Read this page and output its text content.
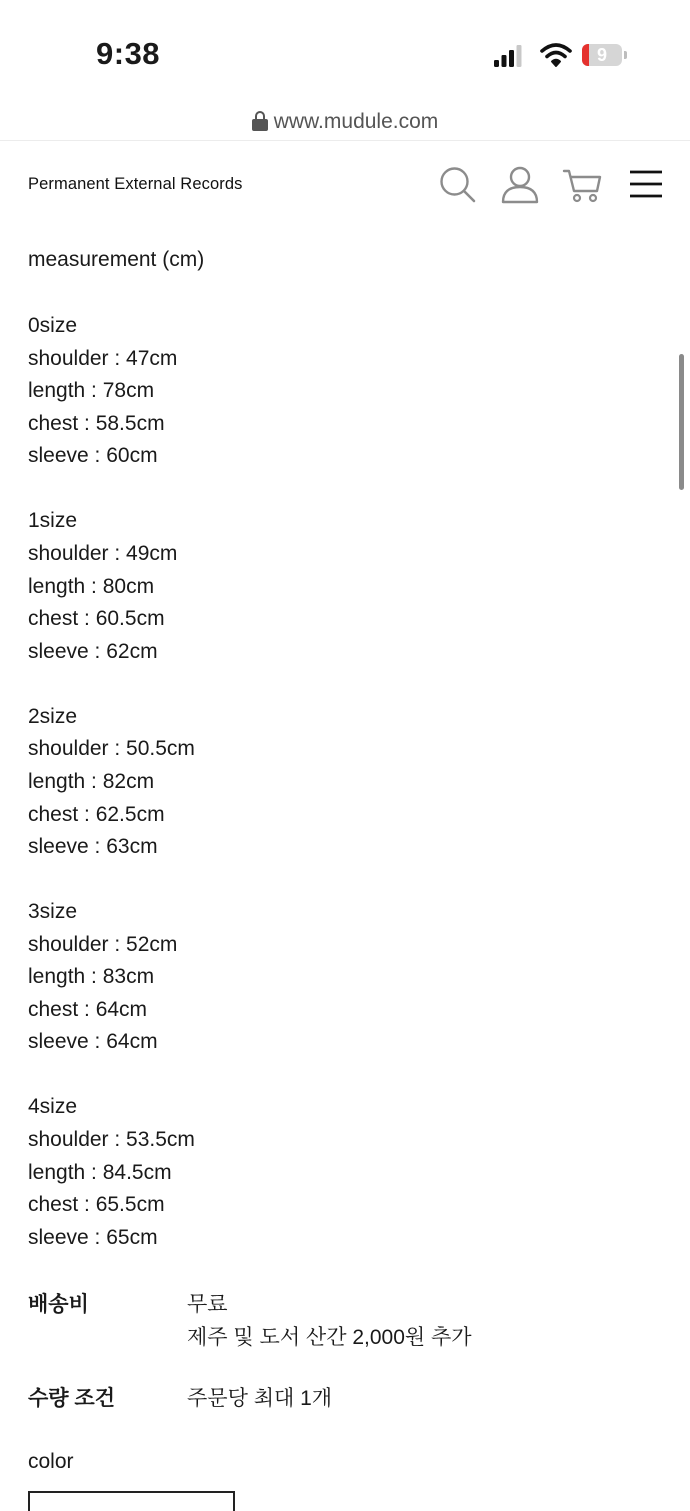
9:38	9
www.mudule.com
Permanent External Records
measurement (cm)
0size
shoulder : 47cm
length : 78cm
chest : 58.5cm
sleeve : 60cm
1size
shoulder : 49cm
length : 80cm
chest : 60.5cm
sleeve : 62cm
2size
shoulder : 50.5cm
length : 82cm
chest : 62.5cm
sleeve : 63cm
3size
shoulder : 52cm
length : 83cm
chest : 64cm
sleeve : 64cm
4size
shoulder : 53.5cm
length : 84.5cm
chest : 65.5cm
sleeve : 65cm
배송비	무료
제주 및 도서 산간 2,000원 추가
수량 조건	주문당 최대 1개
color
